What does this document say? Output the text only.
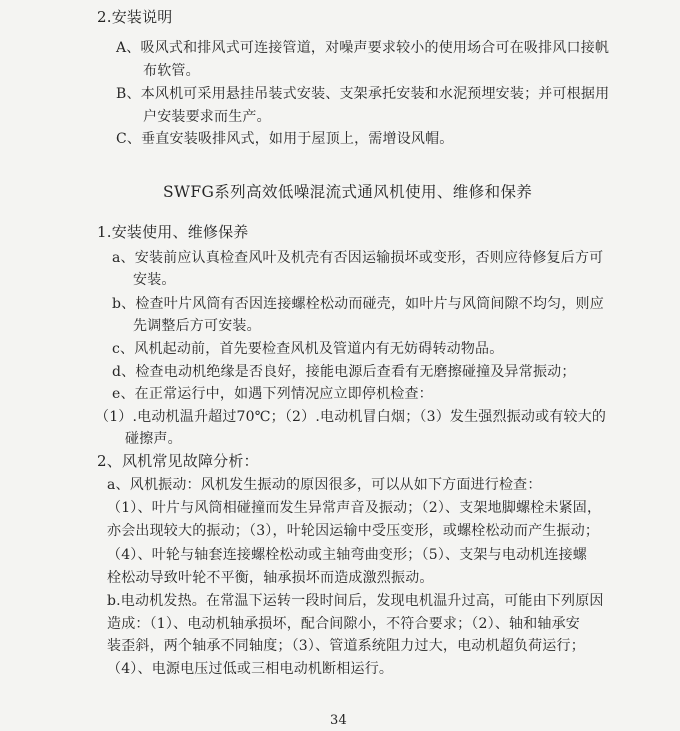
2.安装说明
A、吸风式和排风式可连接管道，对噪声要求较小的使用场合可在吸排风口接帆
布软管。
B、本风机可采用悬挂吊装式安装、支架承托安装和水泥预埋安装；并可根据用
户安装要求而生产。
C、垂直安装吸排风式，如用于屋顶上，需增设风帽。
SWFG系列高效低噪混流式通风机使用、维修和保养
1.安装使用、维修保养
a、安装前应认真检查风叶及机壳有否因运输损坏或变形，否则应待修复后方可
安装。
b、检查叶片风筒有否因连接螺栓松动而碰壳，如叶片与风筒间隙不均匀，则应
先调整后方可安装。
c、风机起动前，首先要检查风机及管道内有无妨碍转动物品。
d、检查电动机绝缘是否良好，接能电源后查看有无磨擦碰撞及异常振动；
e、在正常运行中，如遇下列情况应立即停机检查：
（1）.电动机温升超过70℃；（2）.电动机冒白烟；（3）发生强烈振动或有较大的
碰擦声。
2、风机常见故障分析：
a、风机振动：风机发生振动的原因很多，可以从如下方面进行检查：
（1）、叶片与风筒相碰撞而发生异常声音及振动；（2）、支架地脚螺栓未紧固，
亦会出现较大的振动；（3），叶轮因运输中受压变形，或螺栓松动而产生振动；
（4）、叶轮与轴套连接螺栓松动或主轴弯曲变形；（5）、支架与电动机连接螺
栓松动导致叶轮不平衡，轴承损坏而造成激烈振动。
b.电动机发热。在常温下运转一段时间后，发现电机温升过高，可能由下列原因
造成：（1）、电动机轴承损坏，配合间隙小，不符合要求；（2）、轴和轴承安
装歪斜，两个轴承不同轴度；（3）、管道系统阻力过大，电动机超负荷运行；
（4）、电源电压过低或三相电动机断相运行。
34
